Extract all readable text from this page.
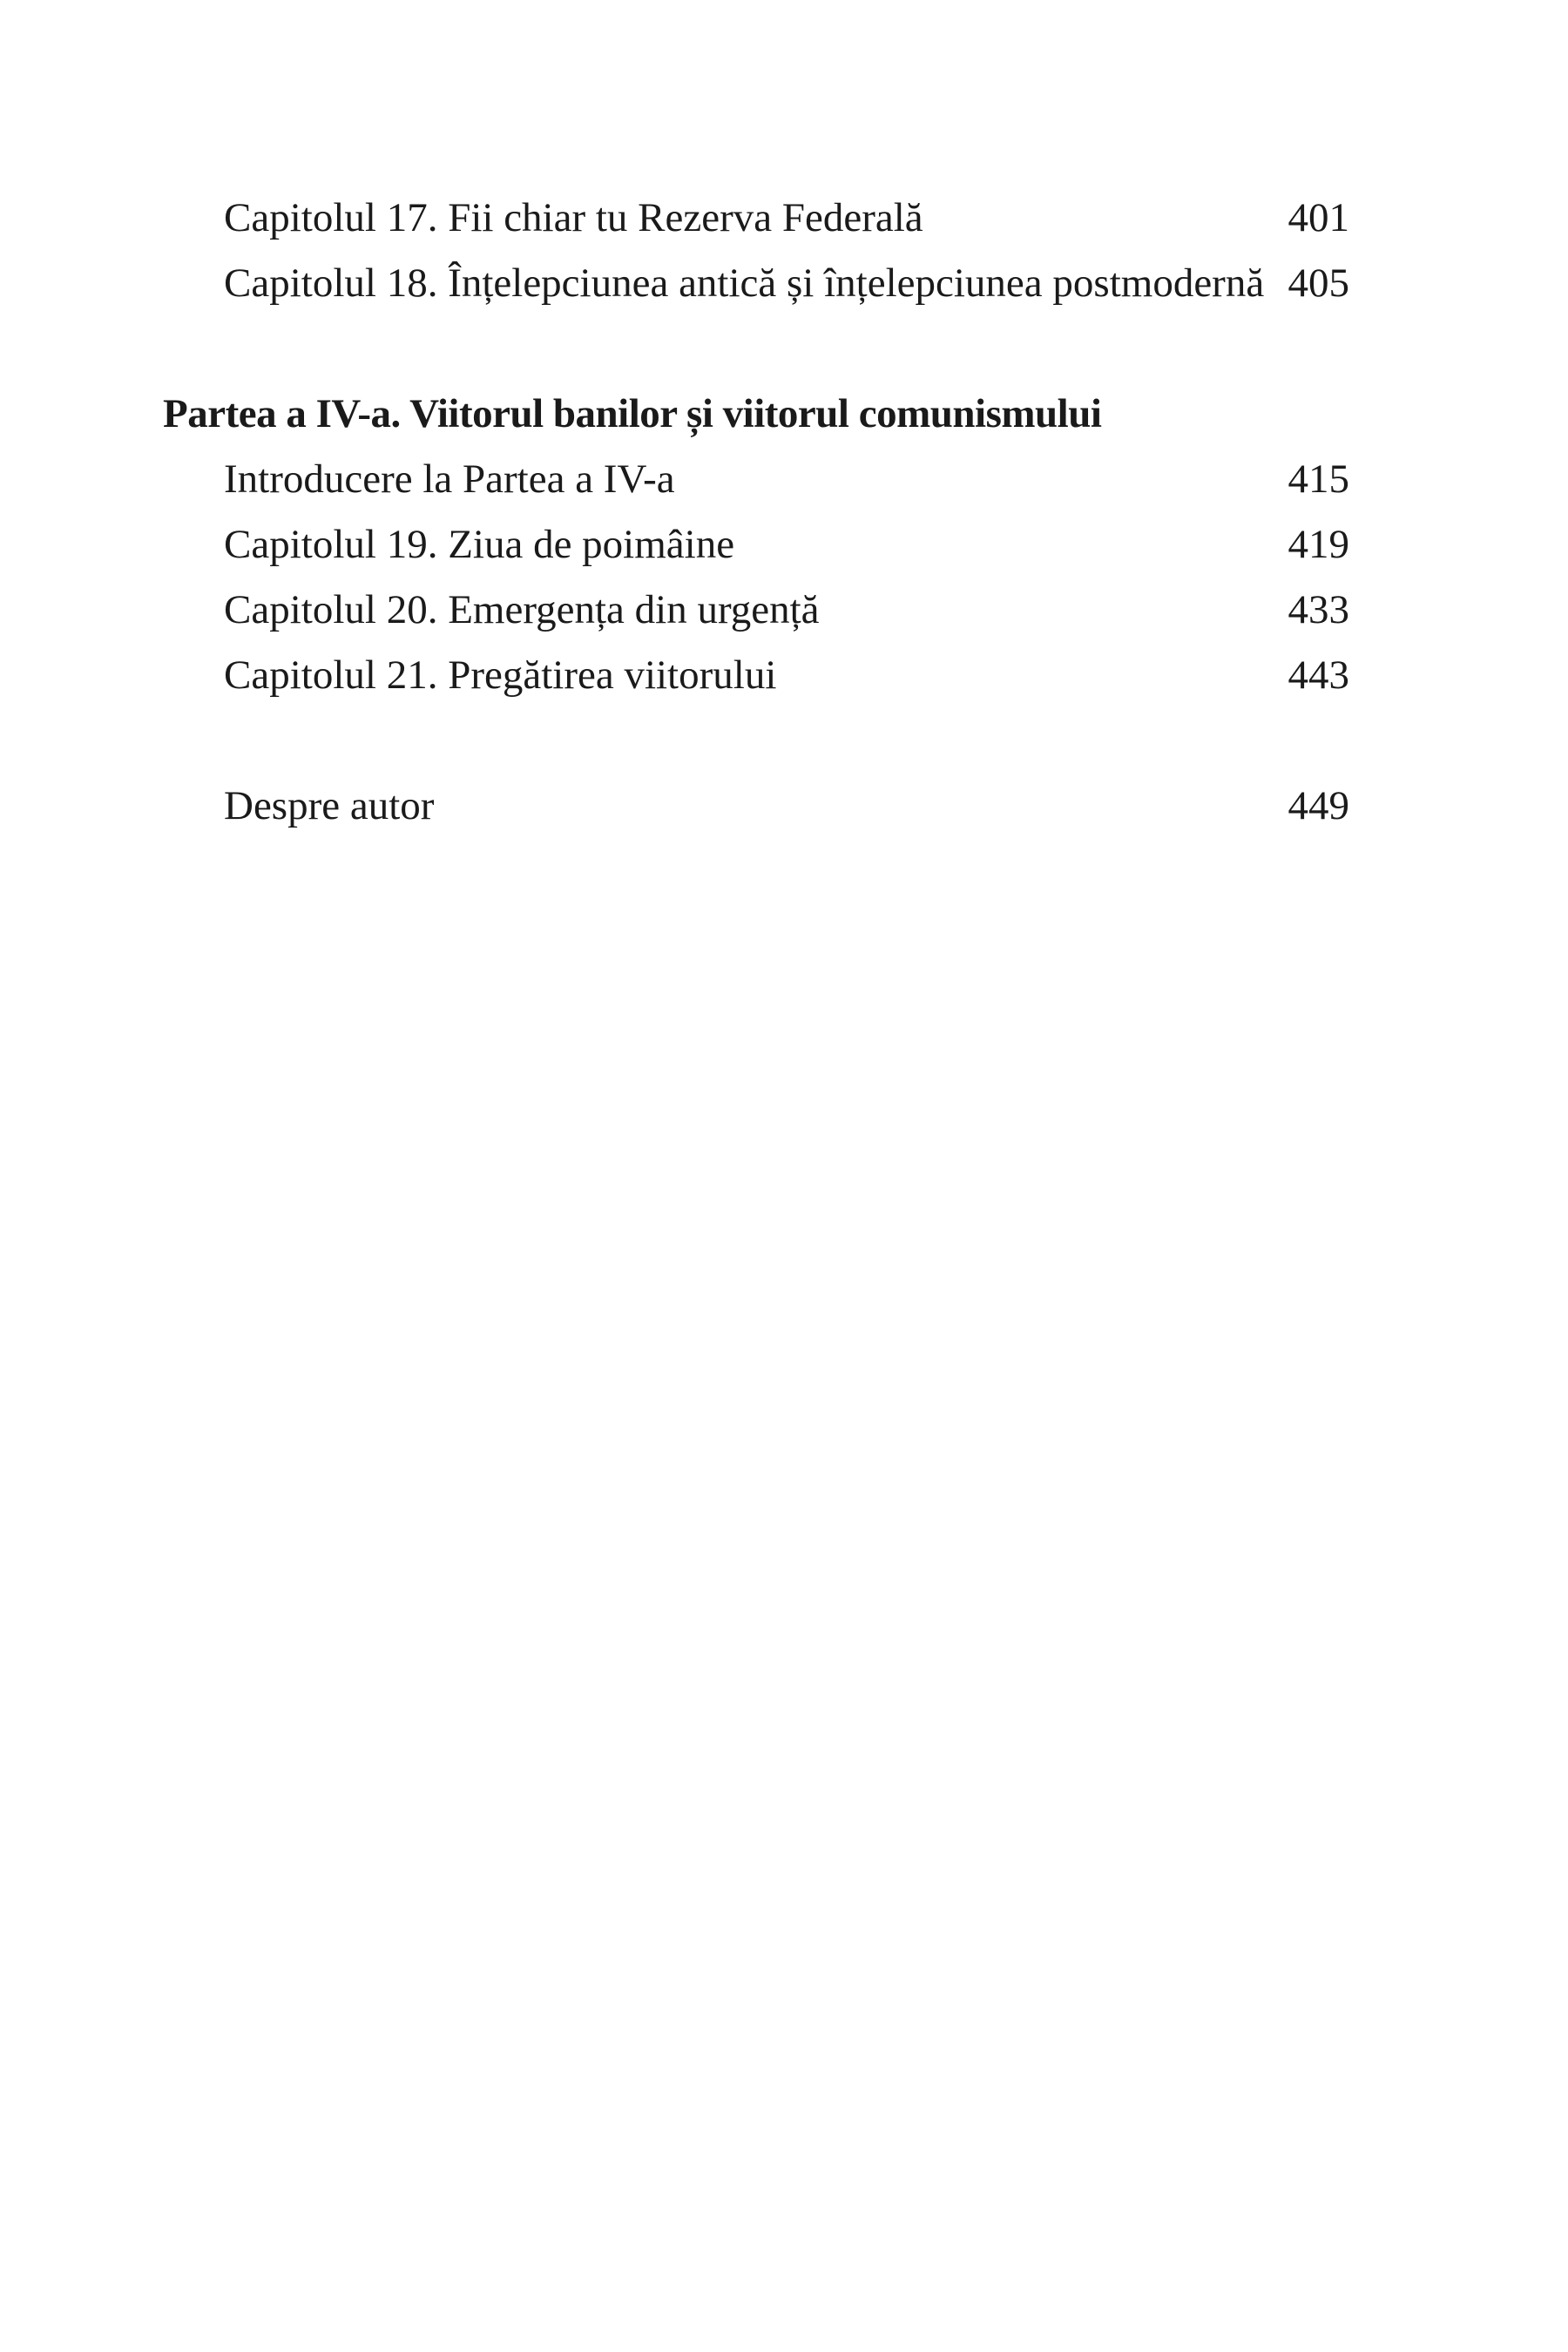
Capitolul 17. Fii chiar tu Rezerva Federală	401
Capitolul 18. Înțelepciunea antică și înțelepciunea postmodernă 405
Partea a IV-a. Viitorul banilor și viitorul comunismului
Introducere la Partea a IV-a	415
Capitolul 19. Ziua de poimâine	419
Capitolul 20. Emergența din urgență	433
Capitolul 21. Pregătirea viitorului	443
Despre autor	449
